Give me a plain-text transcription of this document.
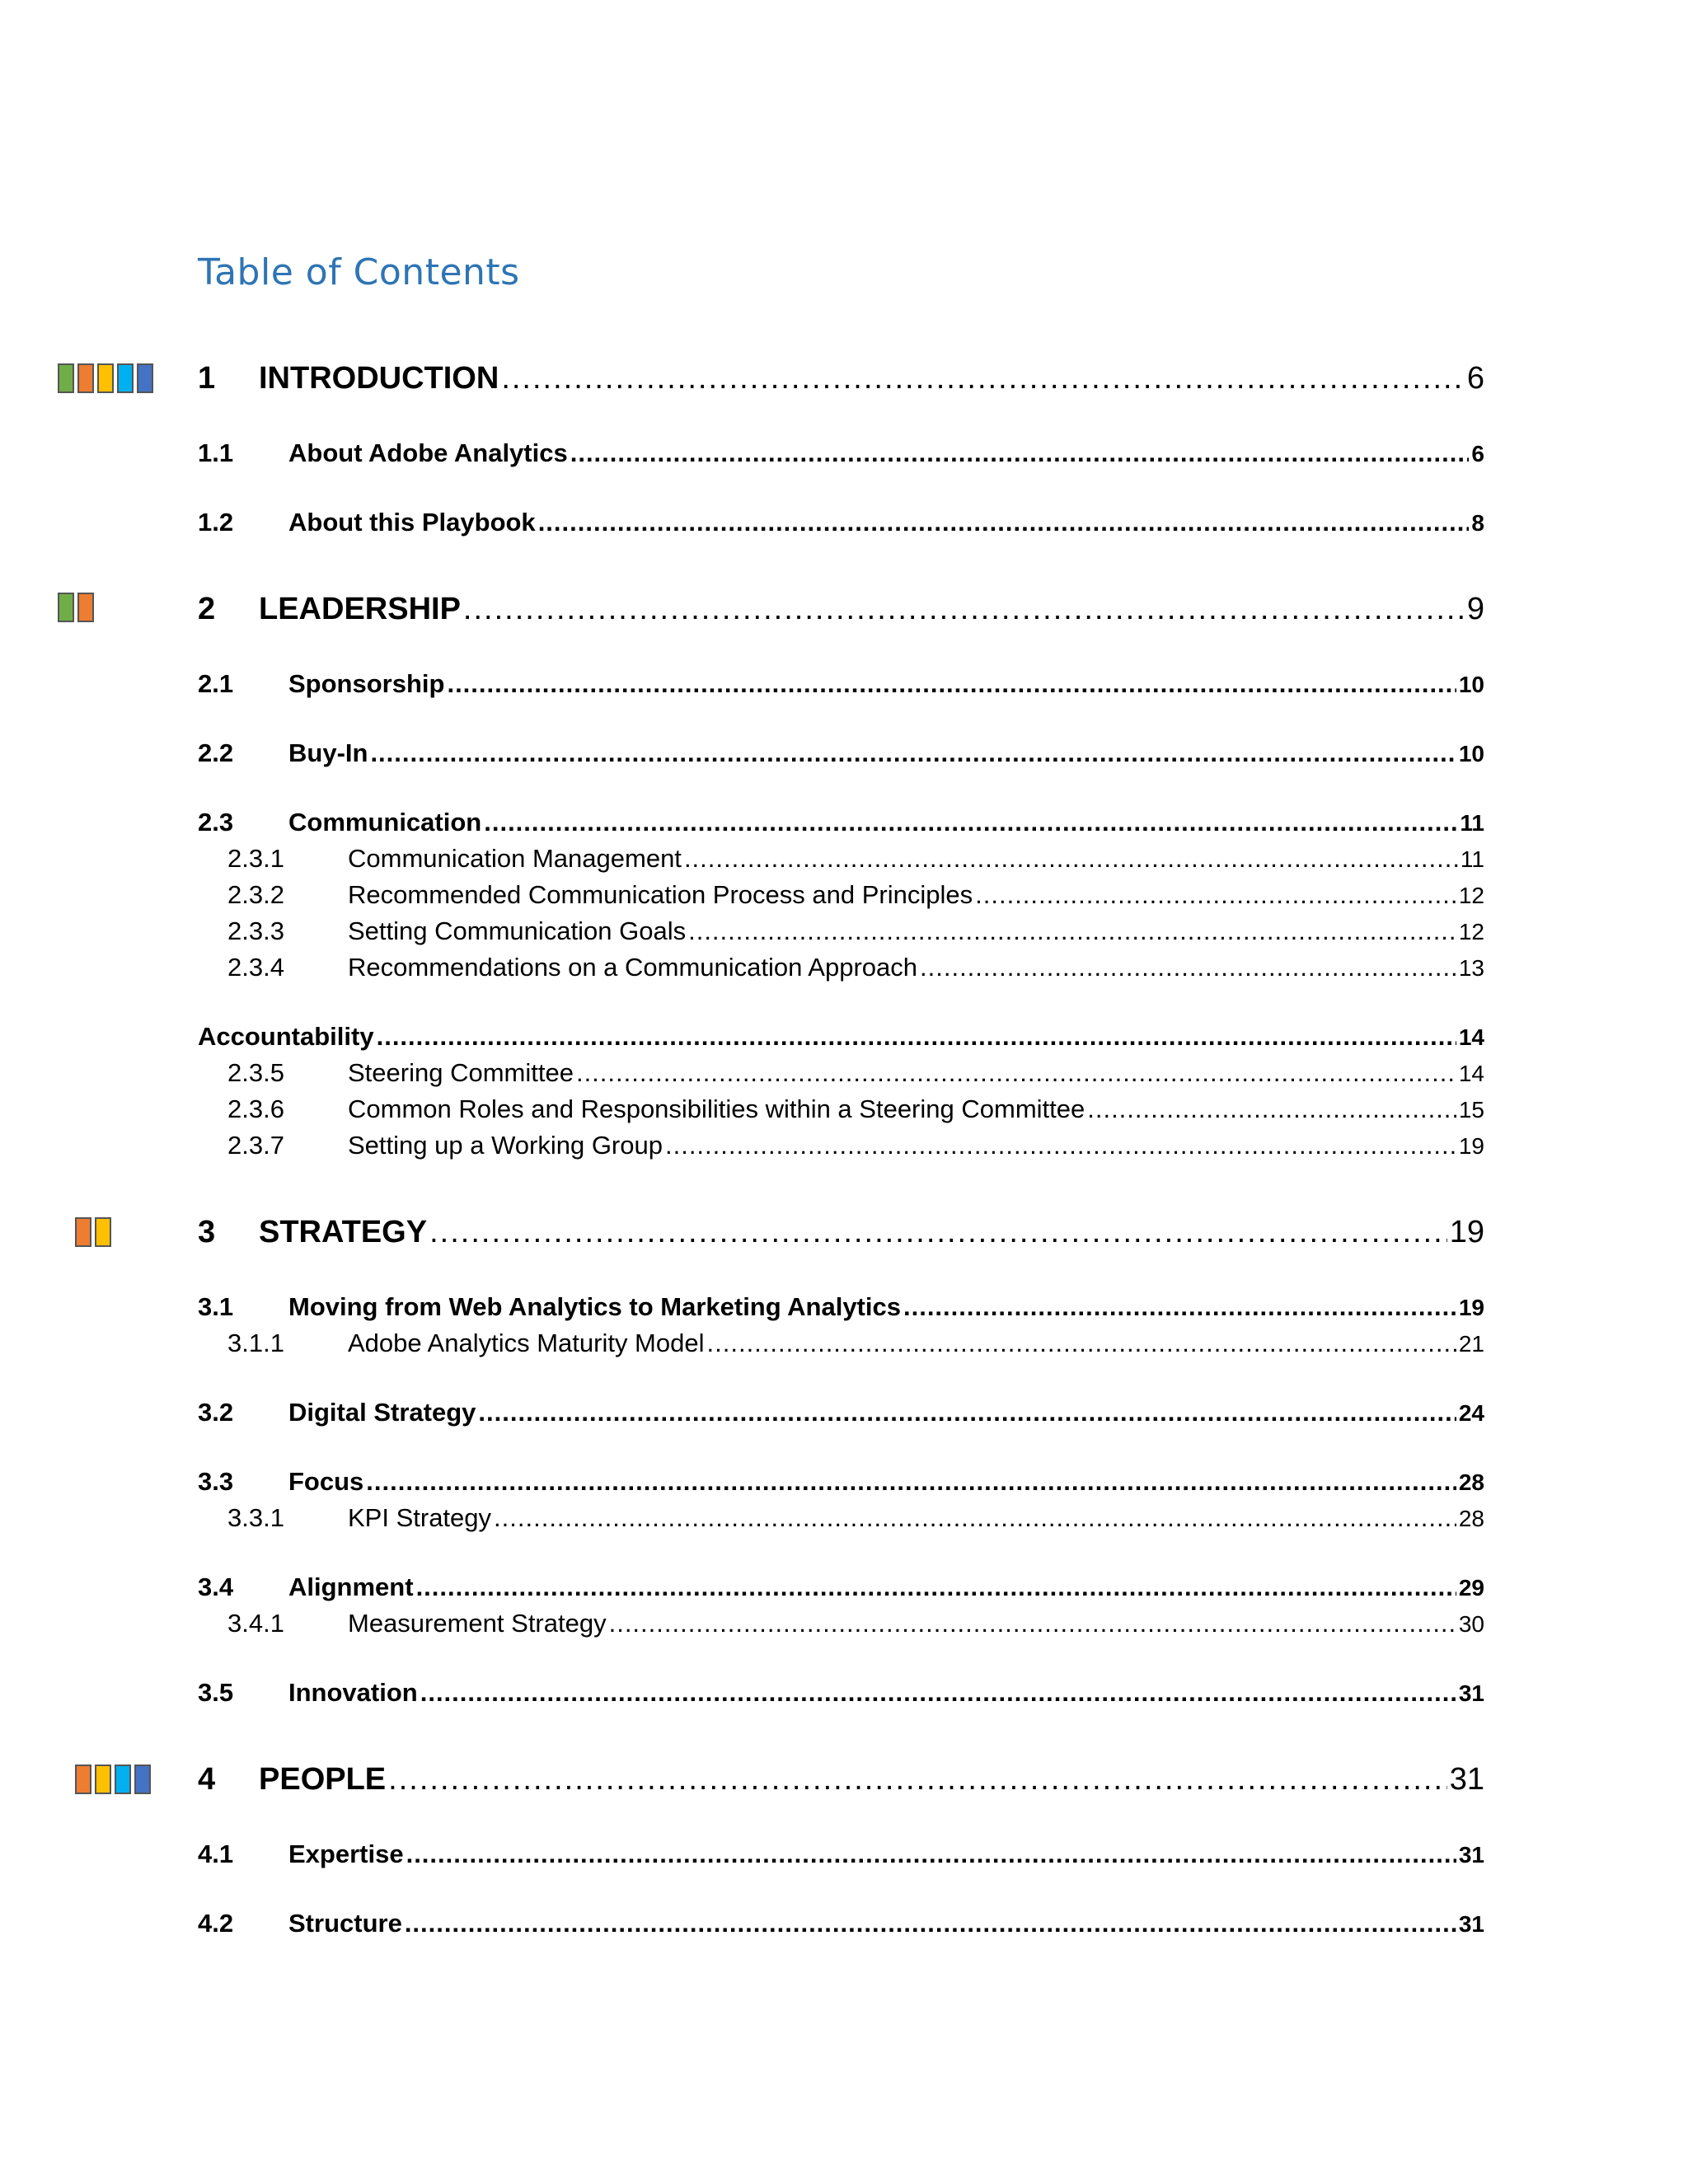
Table of Contents
1	INTRODUCTION .....	6
1.1	About Adobe Analytics .....	6
1.2	About this Playbook .....	8
2	LEADERSHIP .....	9
2.1	Sponsorship .....	10
2.2	Buy-In .....	10
2.3	Communication .....	11
2.3.1	Communication Management .....	11
2.3.2	Recommended Communication Process and Principles .....	12
2.3.3	Setting Communication Goals .....	12
2.3.4	Recommendations on a Communication Approach .....	13
Accountability .....	14
2.3.5	Steering Committee .....	14
2.3.6	Common Roles and Responsibilities within a Steering Committee .....	15
2.3.7	Setting up a Working Group .....	19
3	STRATEGY .....	19
3.1	Moving from Web Analytics to Marketing Analytics .....	19
3.1.1	Adobe Analytics Maturity Model .....	21
3.2	Digital Strategy .....	24
3.3	Focus .....	28
3.3.1	KPI Strategy .....	28
3.4	Alignment .....	29
3.4.1	Measurement Strategy .....	30
3.5	Innovation .....	31
4	PEOPLE .....	31
4.1	Expertise .....	31
4.2	Structure .....	31
